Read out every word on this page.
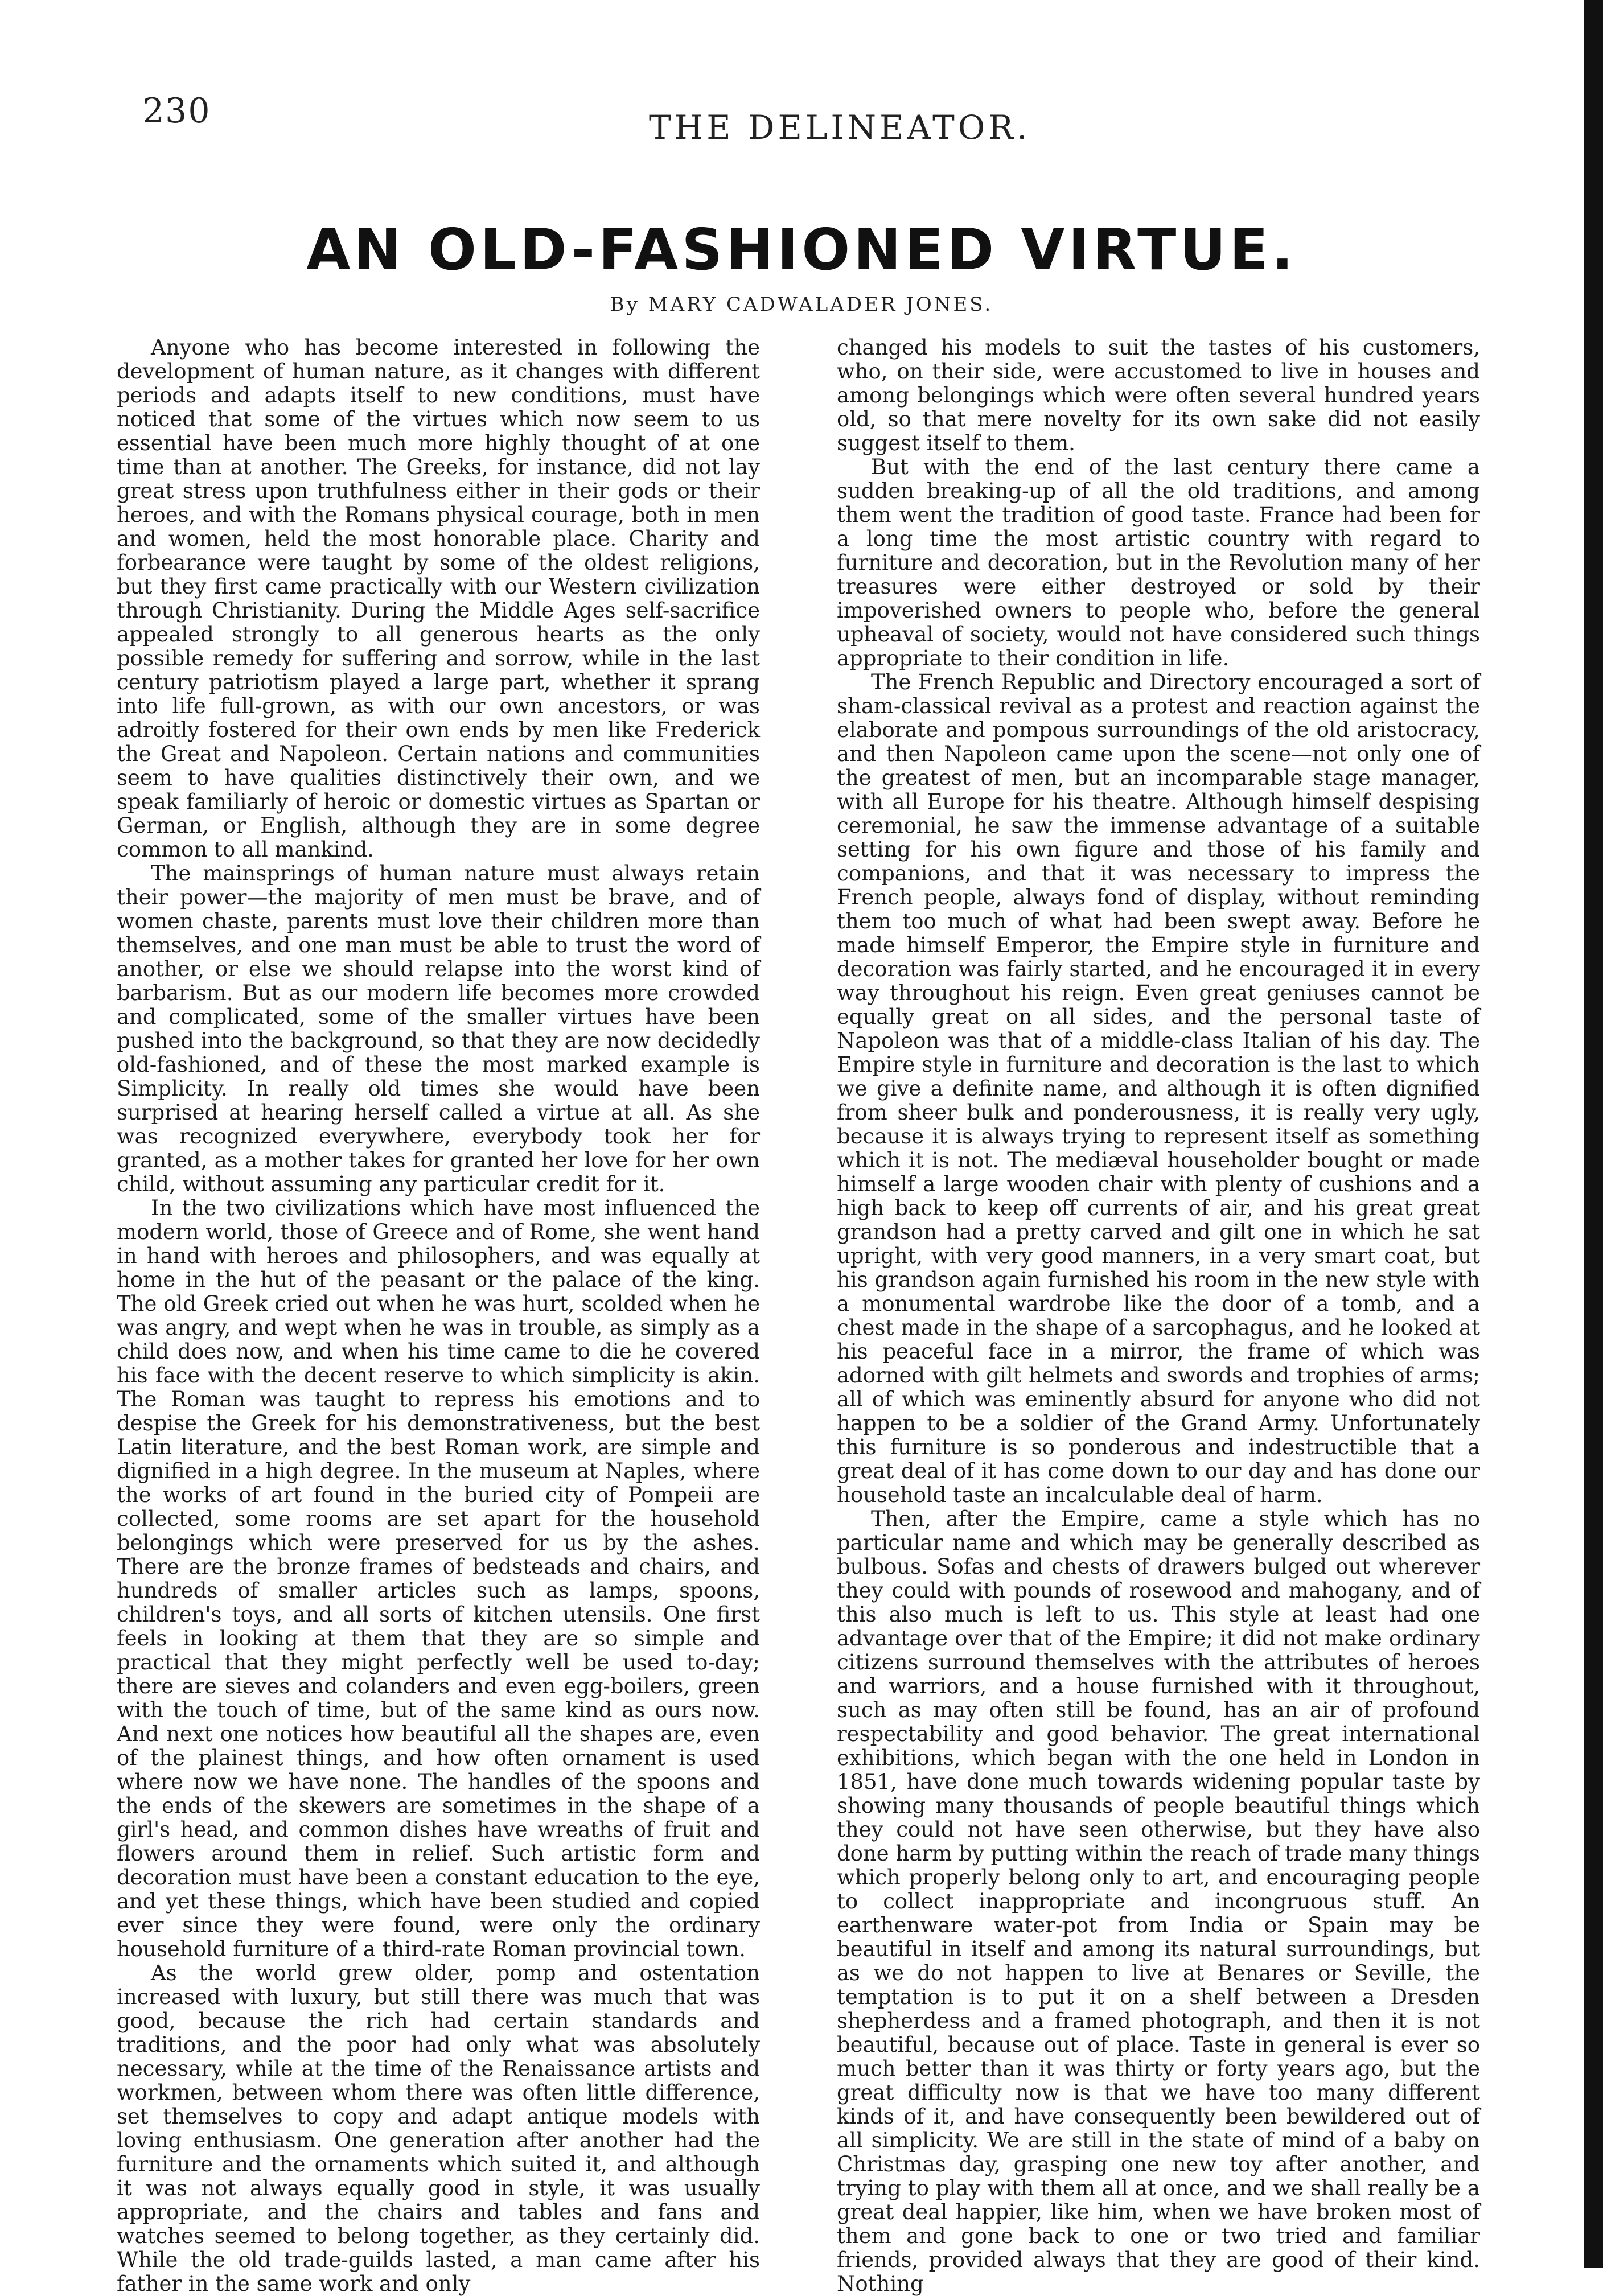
230	THE DELINEATOR.
AN OLD-FASHIONED VIRTUE.
By MARY CADWALADER JONES.

Anyone who has become interested in following the development of human nature, as it changes with different periods and adapts itself to new conditions, must have noticed that some of the virtues which now seem to us essential have been much more highly thought of at one time than at another. The Greeks, for instance, did not lay great stress upon truthfulness either in their gods or their heroes, and with the Romans physical courage, both in men and women, held the most honorable place. Charity and forbearance were taught by some of the oldest religions, but they first came practically with our Western civilization through Christianity. During the Middle Ages self-sacrifice appealed strongly to all generous hearts as the only possible remedy for suffering and sorrow, while in the last century patriotism played a large part, whether it sprang into life full-grown, as with our own ancestors, or was adroitly fostered for their own ends by men like Frederick the Great and Napoleon. Certain nations and communities seem to have qualities distinctively their own, and we speak familiarly of heroic or domestic virtues as Spartan or German, or English, although they are in some degree common to all mankind.

The mainsprings of human nature must always retain their power—the majority of men must be brave, and of women chaste, parents must love their children more than themselves, and one man must be able to trust the word of another, or else we should relapse into the worst kind of barbarism. But as our modern life becomes more crowded and complicated, some of the smaller virtues have been pushed into the background, so that they are now decidedly old-fashioned, and of these the most marked example is Simplicity. In really old times she would have been surprised at hearing herself called a virtue at all. As she was recognized everywhere, everybody took her for granted, as a mother takes for granted her love for her own child, without assuming any particular credit for it.

In the two civilizations which have most influenced the modern world, those of Greece and of Rome, she went hand in hand with heroes and philosophers, and was equally at home in the hut of the peasant or the palace of the king. The old Greek cried out when he was hurt, scolded when he was angry, and wept when he was in trouble, as simply as a child does now, and when his time came to die he covered his face with the decent reserve to which simplicity is akin. The Roman was taught to repress his emotions and to despise the Greek for his demonstrativeness, but the best Latin literature, and the best Roman work, are simple and dignified in a high degree. In the museum at Naples, where the works of art found in the buried city of Pompeii are collected, some rooms are set apart for the household belongings which were preserved for us by the ashes. There are the bronze frames of bedsteads and chairs, and hundreds of smaller articles such as lamps, spoons, children's toys, and all sorts of kitchen utensils. One first feels in looking at them that they are so simple and practical that they might perfectly well be used to-day; there are sieves and colanders and even egg-boilers, green with the touch of time, but of the same kind as ours now. And next one notices how beautiful all the shapes are, even of the plainest things, and how often ornament is used where now we have none. The handles of the spoons and the ends of the skewers are sometimes in the shape of a girl's head, and common dishes have wreaths of fruit and flowers around them in relief. Such artistic form and decoration must have been a constant education to the eye, and yet these things, which have been studied and copied ever since they were found, were only the ordinary household furniture of a third-rate Roman provincial town.

As the world grew older, pomp and ostentation increased with luxury, but still there was much that was good, because the rich had certain standards and traditions, and the poor had only what was absolutely necessary, while at the time of the Renaissance artists and workmen, between whom there was often little difference, set themselves to copy and adapt antique models with loving enthusiasm. One generation after another had the furniture and the ornaments which suited it, and although it was not always equally good in style, it was usually appropriate, and the chairs and tables and fans and watches seemed to belong together, as they certainly did. While the old trade-guilds lasted, a man came after his father in the same work and only

changed his models to suit the tastes of his customers, who, on their side, were accustomed to live in houses and among belongings which were often several hundred years old, so that mere novelty for its own sake did not easily suggest itself to them.

But with the end of the last century there came a sudden breaking-up of all the old traditions, and among them went the tradition of good taste. France had been for a long time the most artistic country with regard to furniture and decoration, but in the Revolution many of her treasures were either destroyed or sold by their impoverished owners to people who, before the general upheaval of society, would not have considered such things appropriate to their condition in life.

The French Republic and Directory encouraged a sort of sham-classical revival as a protest and reaction against the elaborate and pompous surroundings of the old aristocracy, and then Napoleon came upon the scene—not only one of the greatest of men, but an incomparable stage manager, with all Europe for his theatre. Although himself despising ceremonial, he saw the immense advantage of a suitable setting for his own figure and those of his family and companions, and that it was necessary to impress the French people, always fond of display, without reminding them too much of what had been swept away. Before he made himself Emperor, the Empire style in furniture and decoration was fairly started, and he encouraged it in every way throughout his reign. Even great geniuses cannot be equally great on all sides, and the personal taste of Napoleon was that of a middle-class Italian of his day. The Empire style in furniture and decoration is the last to which we give a definite name, and although it is often dignified from sheer bulk and ponderousness, it is really very ugly, because it is always trying to represent itself as something which it is not. The mediæval householder bought or made himself a large wooden chair with plenty of cushions and a high back to keep off currents of air, and his great great grandson had a pretty carved and gilt one in which he sat upright, with very good manners, in a very smart coat, but his grandson again furnished his room in the new style with a monumental wardrobe like the door of a tomb, and a chest made in the shape of a sarcophagus, and he looked at his peaceful face in a mirror, the frame of which was adorned with gilt helmets and swords and trophies of arms; all of which was eminently absurd for anyone who did not happen to be a soldier of the Grand Army. Unfortunately this furniture is so ponderous and indestructible that a great deal of it has come down to our day and has done our household taste an incalculable deal of harm.

Then, after the Empire, came a style which has no particular name and which may be generally described as bulbous. Sofas and chests of drawers bulged out wherever they could with pounds of rosewood and mahogany, and of this also much is left to us. This style at least had one advantage over that of the Empire; it did not make ordinary citizens surround themselves with the attributes of heroes and warriors, and a house furnished with it throughout, such as may often still be found, has an air of profound respectability and good behavior. The great international exhibitions, which began with the one held in London in 1851, have done much towards widening popular taste by showing many thousands of people beautiful things which they could not have seen otherwise, but they have also done harm by putting within the reach of trade many things which properly belong only to art, and encouraging people to collect inappropriate and incongruous stuff. An earthenware water-pot from India or Spain may be beautiful in itself and among its natural surroundings, but as we do not happen to live at Benares or Seville, the temptation is to put it on a shelf between a Dresden shepherdess and a framed photograph, and then it is not beautiful, because out of place. Taste in general is ever so much better than it was thirty or forty years ago, but the great difficulty now is that we have too many different kinds of it, and have consequently been bewildered out of all simplicity. We are still in the state of mind of a baby on Christmas day, grasping one new toy after another, and trying to play with them all at once, and we shall really be a great deal happier, like him, when we have broken most of them and gone back to one or two tried and familiar friends, provided always that they are good of their kind. Nothing
